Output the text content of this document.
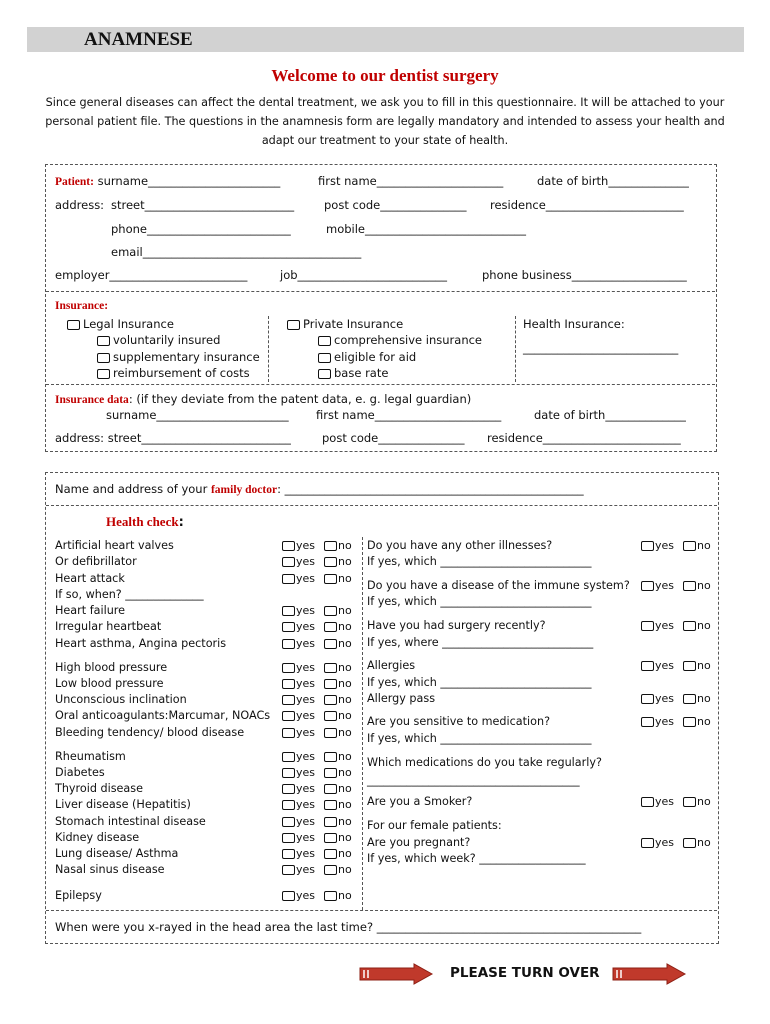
ANAMNESE
Welcome to our dentist surgery
Since general diseases can affect the dental treatment, we ask you to fill in this questionnaire. It will be attached to your
personal patient file. The questions in the anamnesis form are legally mandatory and intended to assess your health and
adapt our treatment to your state of health.
Patient: surname_______________________	first name______________________	date of birth______________
address: street__________________________	post code_______________ residence________________________
phone_________________________	mobile____________________________
email______________________________________
employer________________________	job__________________________	phone business____________________
Insurance:
Legal Insurance
voluntarily insured
supplementary insurance
reimbursement of costs
Private Insurance
comprehensive insurance
eligible for aid
base rate
Health Insurance:
___________________________
Insurance data: (if they deviate from the patent data, e. g. legal guardian)
surname_______________________ first name______________________	date of birth______________
address: street__________________________	post code_______________ residence________________________
Name and address of your family doctor: ____________________________________________________
Health check:
Artificial heart valves	yes no
Or defibrillator	yes no
Heart attack	yes no
If so, when? ______________
Heart failure	yes no
Irregular heartbeat	yes no
Heart asthma, Angina pectoris	yes no
High blood pressure	yes no
Low blood pressure	yes no
Unconscious inclination	yes no
Oral anticoagulants:Marcumar, NOACs	yes no
Bleeding tendency/ blood disease	yes no
Rheumatism	yes no
Diabetes	yes no
Thyroid disease	yes no
Liver disease (Hepatitis)	yes no
Stomach intestinal disease	yes no
Kidney disease	yes no
Lung disease/ Asthma	yes no
Nasal sinus disease	yes no
Epilepsy	yes no
Do you have any other illnesses?	yes no
If yes, which ___________________________
Do you have a disease of the immune system?	yes no
If yes, which ___________________________
Have you had surgery recently?	yes no
If yes, where ___________________________
Allergies	yes no
If yes, which ___________________________
Allergy pass	yes no
Are you sensitive to medication?	yes no
If yes, which ___________________________
Which medications do you take regularly?
______________________________________
Are you a Smoker?	yes no
For our female patients:
Are you pregnant?	yes no
If yes, which week? ___________________
When were you x-rayed in the head area the last time? ______________________________________________
PLEASE TURN OVER
